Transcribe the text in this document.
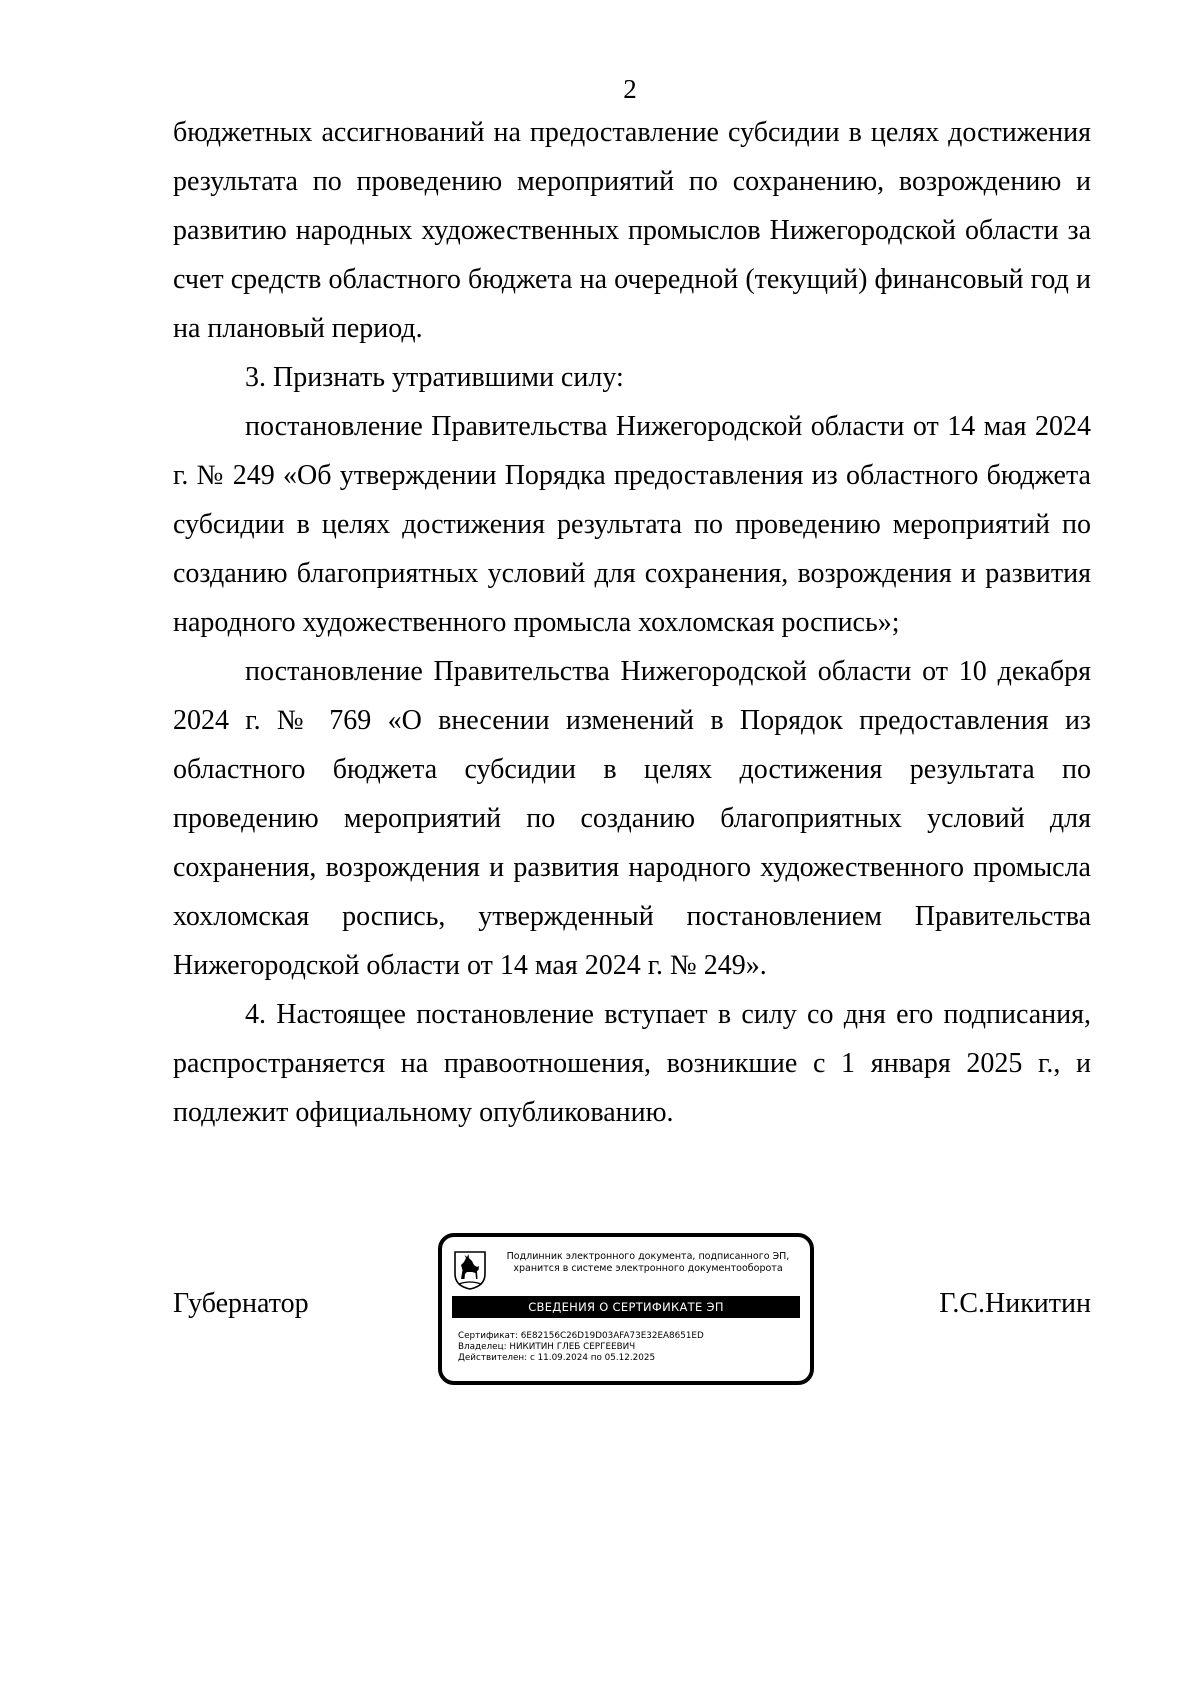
2

бюджетных ассигнований на предоставление субсидии в целях достижения результата по проведению мероприятий по сохранению, возрождению и развитию народных художественных промыслов Нижегородской области за счет средств областного бюджета на очередной (текущий) финансовый год и на плановый период.

3. Признать утратившими силу:

постановление Правительства Нижегородской области от 14 мая 2024 г. № 249 «Об утверждении Порядка предоставления из областного бюджета субсидии в целях достижения результата по проведению мероприятий по созданию благоприятных условий для сохранения, возрождения и развития народного художественного промысла хохломская роспись»;

постановление Правительства Нижегородской области от 10 декабря 2024 г. № 769 «О внесении изменений в Порядок предоставления из областного бюджета субсидии в целях достижения результата по проведению мероприятий по созданию благоприятных условий для сохранения, возрождения и развития народного художественного промысла хохломская роспись, утвержденный постановлением Правительства Нижегородской области от 14 мая 2024 г. № 249».

4. Настоящее постановление вступает в силу со дня его подписания, распространяется на правоотношения, возникшие с 1 января 2025 г., и подлежит официальному опубликованию.

Губернатор
Подлинник электронного документа, подписанного ЭП,
хранится в системе электронного документооборота
СВЕДЕНИЯ О СЕРТИФИКАТЕ ЭП
Сертификат: 6E82156C26D19D03AFA73E32EA8651ED
Владелец: НИКИТИН ГЛЕБ СЕРГЕЕВИЧ
Действителен: с 11.09.2024 по 05.12.2025
Г.С.Никитин
